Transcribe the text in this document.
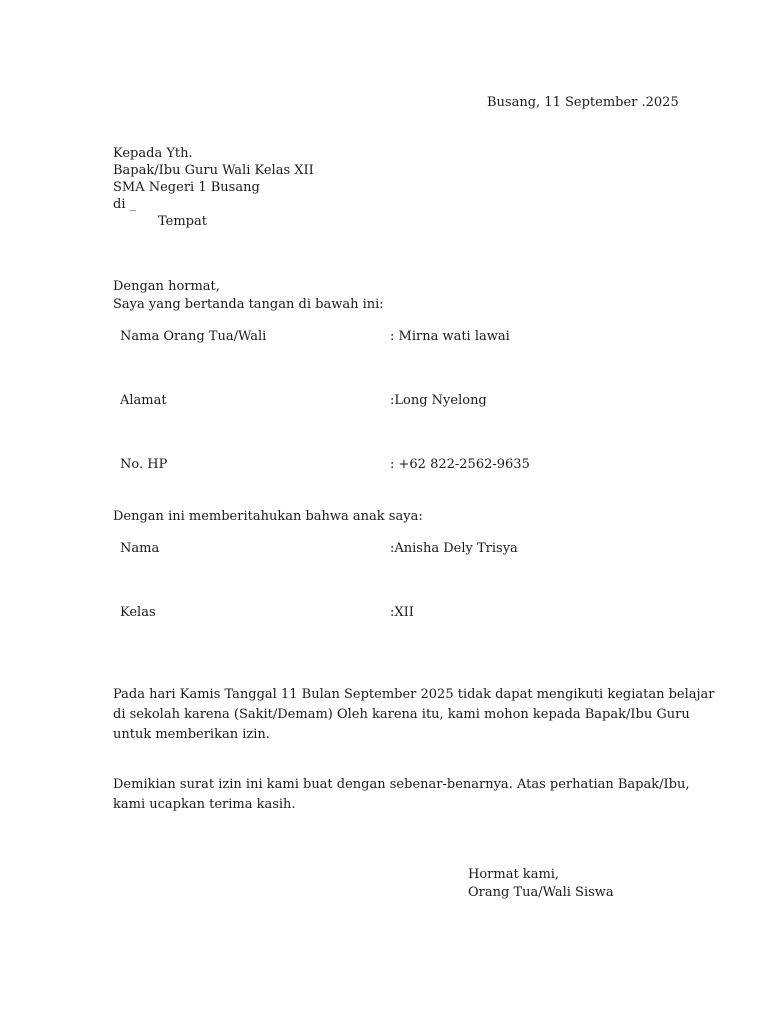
Busang, 11 September .2025
Kepada Yth.
Bapak/Ibu Guru Wali Kelas XII
SMA Negeri 1 Busang
di _
Tempat
Dengan hormat,
Saya yang bertanda tangan di bawah ini:
Nama Orang Tua/Wali	: Mirna wati lawai
Alamat	:Long Nyelong
No. HP	: +62 822-2562-9635
Dengan ini memberitahukan bahwa anak saya:
Nama	:Anisha Dely Trisya
Kelas	:XII
Pada hari Kamis Tanggal 11 Bulan September 2025 tidak dapat mengikuti kegiatan belajar
di sekolah karena (Sakit/Demam) Oleh karena itu, kami mohon kepada Bapak/Ibu Guru
untuk memberikan izin.
Demikian surat izin ini kami buat dengan sebenar-benarnya. Atas perhatian Bapak/Ibu,
kami ucapkan terima kasih.
Hormat kami,
Orang Tua/Wali Siswa
